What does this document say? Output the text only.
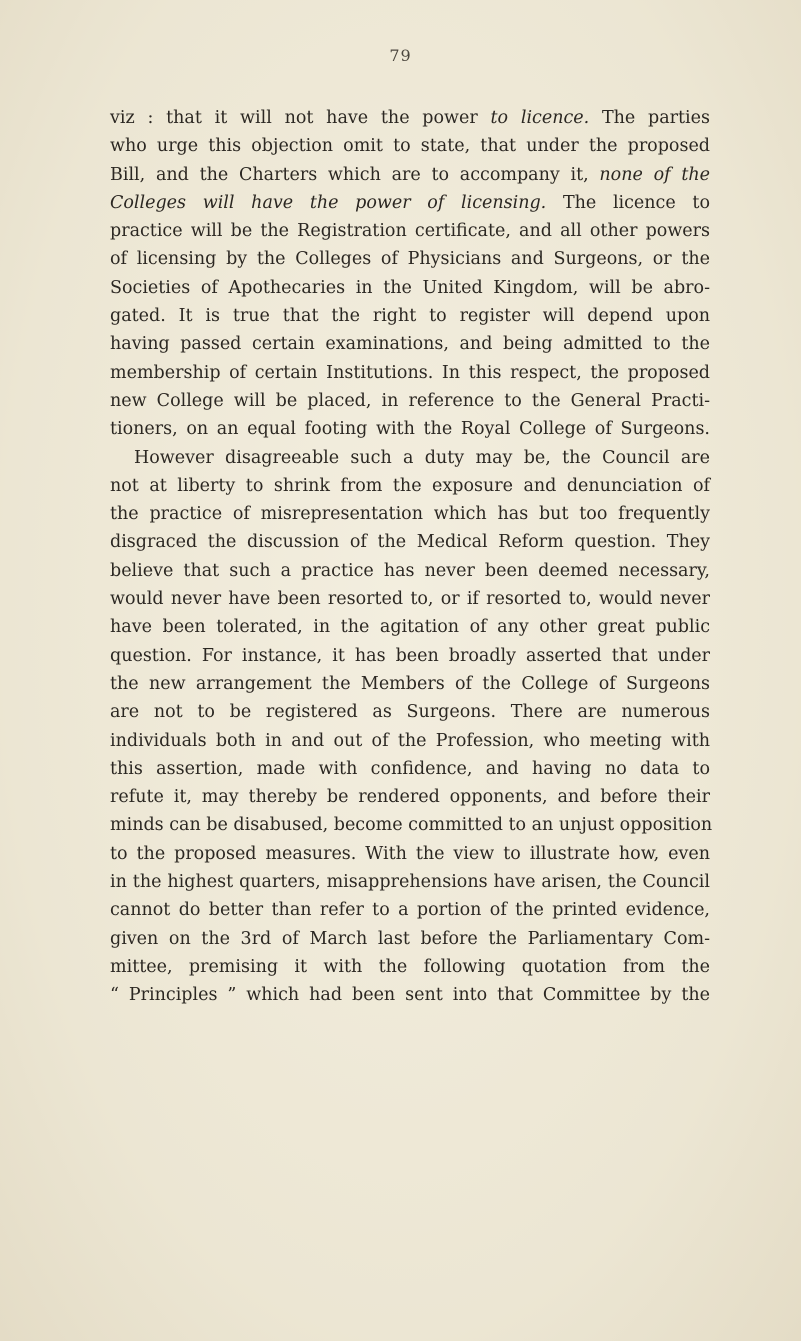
79
viz : that it will not have the power to licence. The parties
who urge this objection omit to state, that under the proposed
Bill, and the Charters which are to accompany it, none of the
Colleges will have the power of licensing. The licence to
practice will be the Registration certificate, and all other powers
of licensing by the Colleges of Physicians and Surgeons, or the
Societies of Apothecaries in the United Kingdom, will be abro-
gated. It is true that the right to register will depend upon
having passed certain examinations, and being admitted to the
membership of certain Institutions. In this respect, the proposed
new College will be placed, in reference to the General Practi-
tioners, on an equal footing with the Royal College of Surgeons.
However disagreeable such a duty may be, the Council are
not at liberty to shrink from the exposure and denunciation of
the practice of misrepresentation which has but too frequently
disgraced the discussion of the Medical Reform question. They
believe that such a practice has never been deemed necessary,
would never have been resorted to, or if resorted to, would never
have been tolerated, in the agitation of any other great public
question. For instance, it has been broadly asserted that under
the new arrangement the Members of the College of Surgeons
are not to be registered as Surgeons. There are numerous
individuals both in and out of the Profession, who meeting with
this assertion, made with confidence, and having no data to
refute it, may thereby be rendered opponents, and before their
minds can be disabused, become committed to an unjust opposition
to the proposed measures. With the view to illustrate how, even
in the highest quarters, misapprehensions have arisen, the Council
cannot do better than refer to a portion of the printed evidence,
given on the 3rd of March last before the Parliamentary Com-
mittee, premising it with the following quotation from the
“ Principles ” which had been sent into that Committee by the
